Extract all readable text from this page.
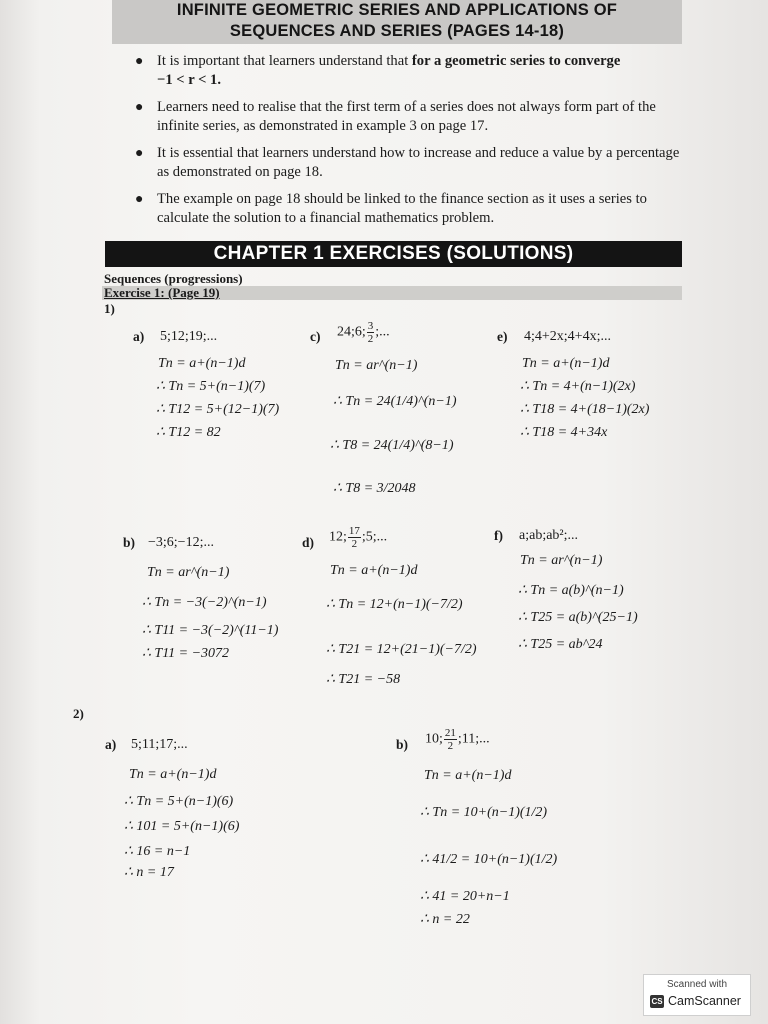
INFINITE GEOMETRIC SERIES AND APPLICATIONS OF
SEQUENCES AND SERIES (PAGES 14-18)
● It is important that learners understand that for a geometric series to converge
−1 < r < 1.
● Learners need to realise that the first term of a series does not always form part of the infinite series, as demonstrated in example 3 on page 17.
● It is essential that learners understand how to increase and reduce a value by a percentage as demonstrated on page 18.
● The example on page 18 should be linked to the finance section as it uses a series to calculate the solution to a financial mathematics problem.
CHAPTER 1 EXERCISES (SOLUTIONS)
Sequences (progressions)
Exercise 1: (Page 19)
1)
a) 5;12;19;...
Tn = a+(n−1)d
∴ Tn = 5+(n−1)(7)
∴ T12 = 5+(12−1)(7)
∴ T12 = 82
c) 24;6; $\frac{3}{2}$ ;...
Tn = ar^(n−1)
∴ Tn = 24(1/4)^(n−1)
∴ T8 = 24(1/4)^(8−1)
∴ T8 = 3/2048
e) 4;4+2x;4+4x;...
Tn = a+(n−1)d
∴ Tn = 4+(n−1)(2x)
∴ T18 = 4+(18−1)(2x)
∴ T18 = 4+34x
b) −3;6;−12;...
Tn = ar^(n−1)
∴ Tn = −3(−2)^(n−1)
∴ T11 = −3(−2)^(11−1)
∴ T11 = −3072
d) 12; $\frac{17}{2}$ ;5;...
Tn = a+(n−1)d
∴ Tn = 12+(n−1)(−7/2)
∴ T21 = 12+(21−1)(−7/2)
∴ T21 = −58
f) a;ab;ab²;...
Tn = ar^(n−1)
∴ Tn = a(b)^(n−1)
∴ T25 = a(b)^(25−1)
∴ T25 = ab^24
2)
a) 5;11;17;...
Tn = a+(n−1)d
∴ Tn = 5+(n−1)(6)
∴ 101 = 5+(n−1)(6)
∴ 16 = n−1
∴ n = 17
b) 10; $\frac{21}{2}$ ;11;...
Tn = a+(n−1)d
∴ Tn = 10+(n−1)(1/2)
∴ 41/2 = 10+(n−1)(1/2)
∴ 41 = 20+n−1
∴ n = 22
Scanned with
CS CamScanner
